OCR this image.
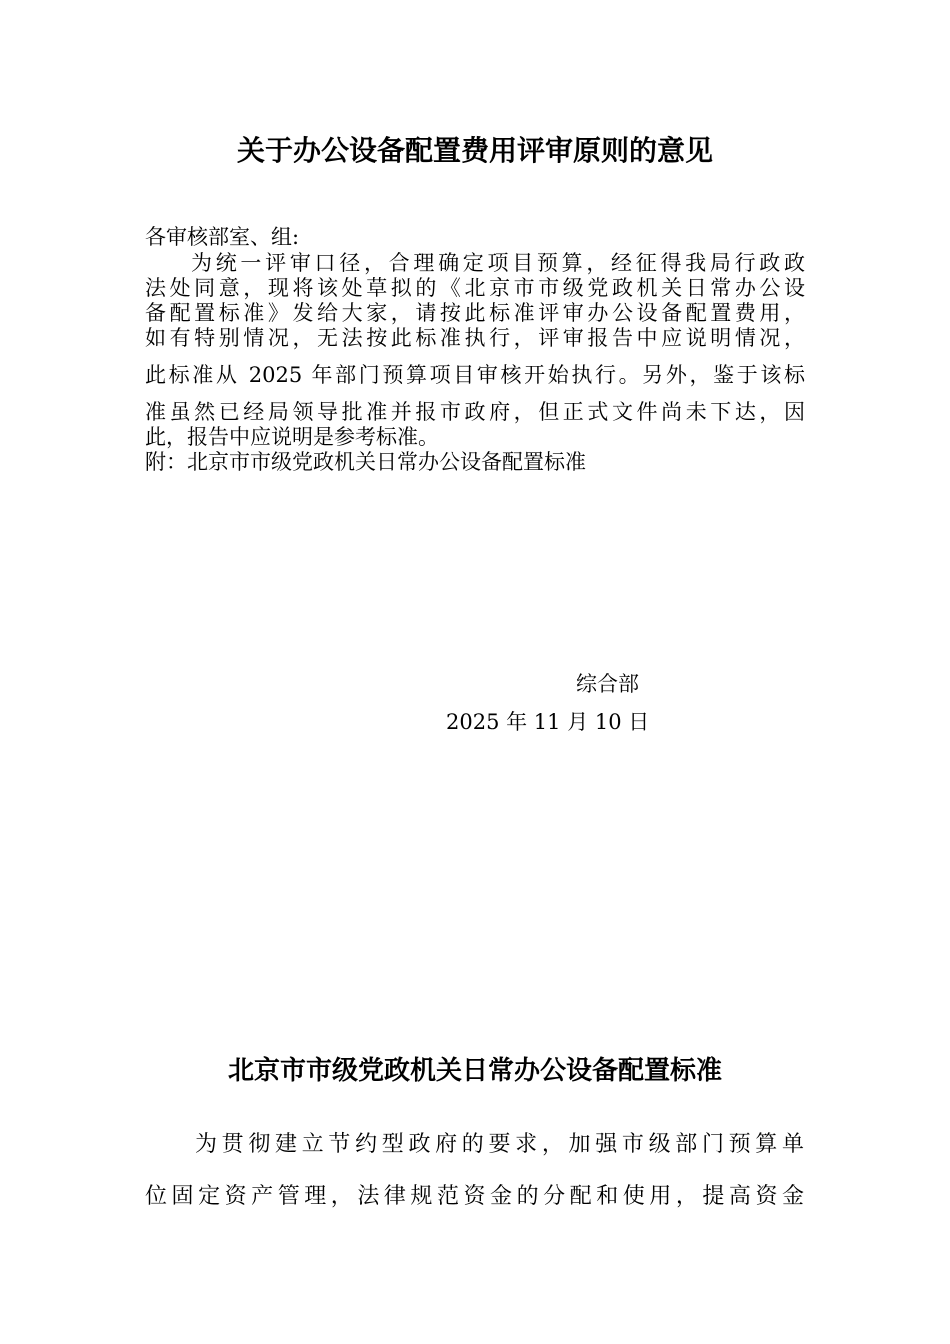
关于办公设备配置费用评审原则的意见
各审核部室、组:
为统一评审口径，合理确定项目预算，经征得我局行政政
法处同意，现将该处草拟的《北京市市级党政机关日常办公设
备配置标准》发给大家，请按此标准评审办公设备配置费用，
如有特别情况，无法按此标准执行，评审报告中应说明情况，
此标准从 2025 年部门预算项目审核开始执行。另外，鉴于该标
准虽然已经局领导批准并报市政府，但正式文件尚未下达，因
此，报告中应说明是参考标准。
附：北京市市级党政机关日常办公设备配置标准
综合部
2025 年 11 月 10 日
北京市市级党政机关日常办公设备配置标准
为贯彻建立节约型政府的要求，加强市级部门预算单
位固定资产管理，法律规范资金的分配和使用，提高资金
